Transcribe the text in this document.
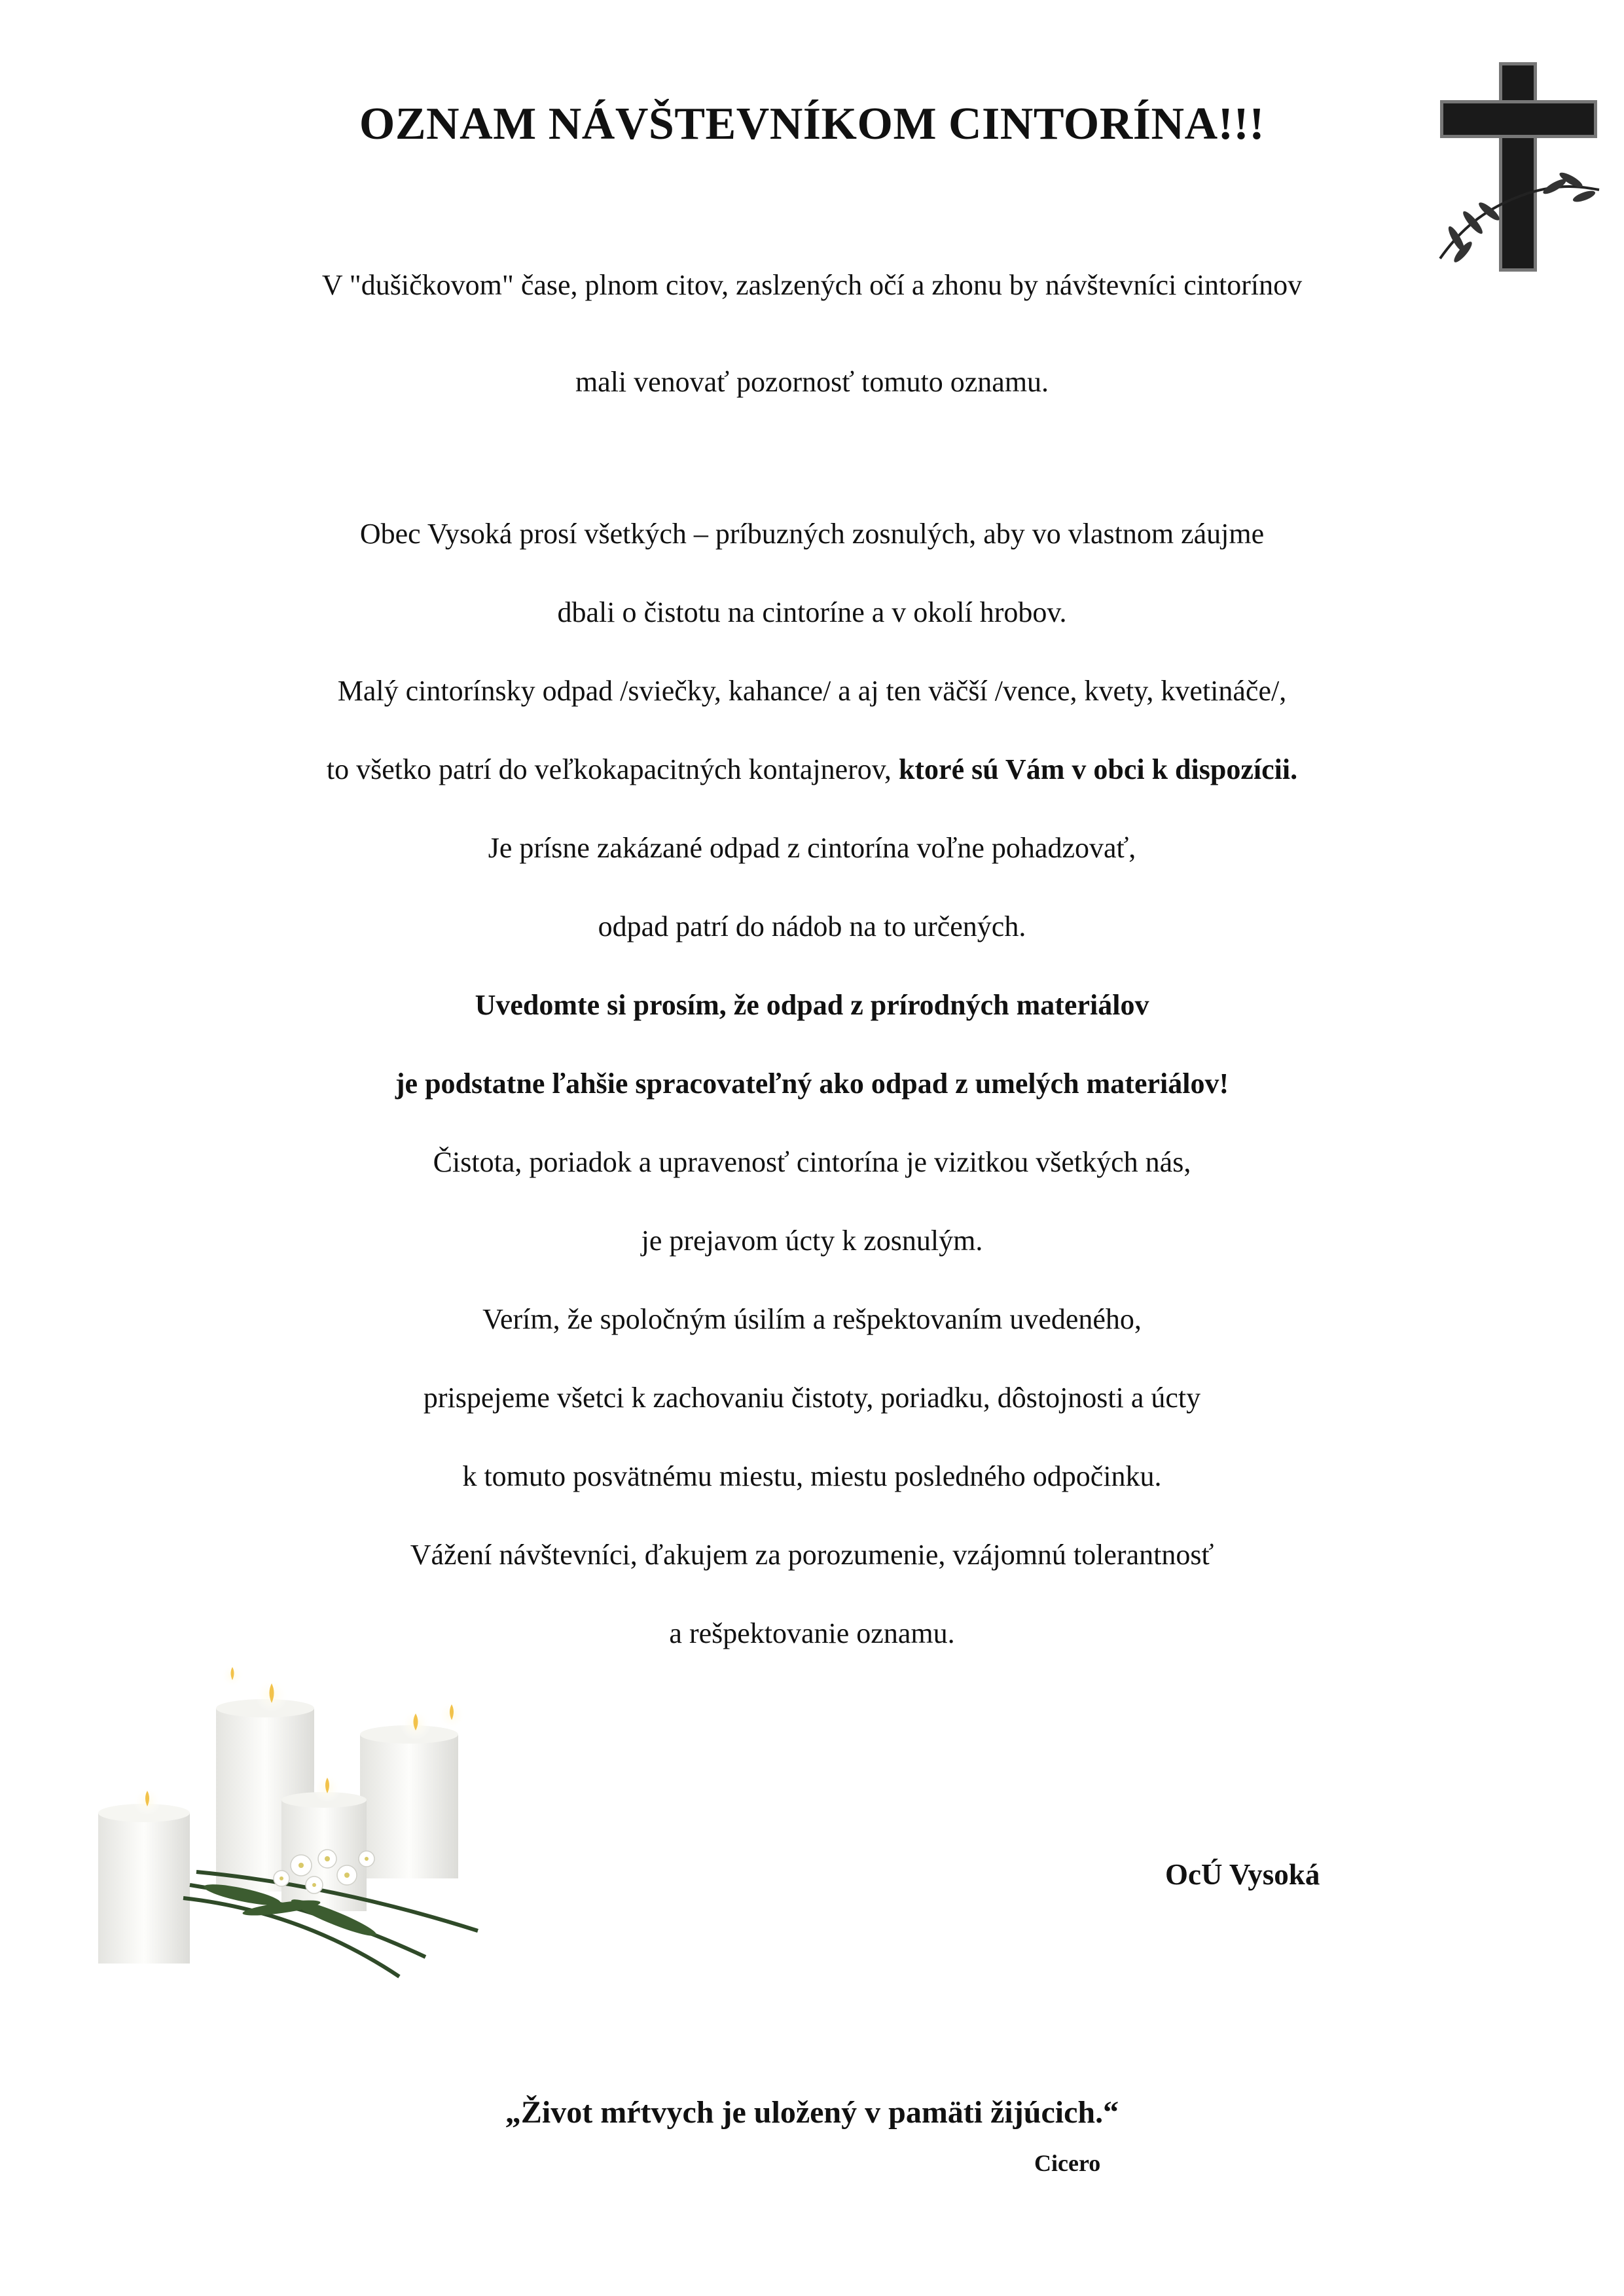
OZNAM NÁVŠTEVNÍKOM CINTORÍNA!!!
V "dušičkovom" čase, plnom citov, zaslzených očí a zhonu by návštevníci cintorínov
mali venovať pozornosť tomuto oznamu.
Obec Vysoká prosí všetkých – príbuzných zosnulých, aby vo vlastnom záujme
dbali o čistotu na cintoríne a v okolí hrobov.
Malý cintorínsky odpad /sviečky, kahance/ a aj ten väčší /vence, kvety, kvetináče/,
to všetko patrí do veľkokapacitných kontajnerov, ktoré sú Vám v obci k dispozícii.
Je prísne zakázané odpad z cintorína voľne pohadzovať,
odpad patrí do nádob na to určených.
Uvedomte si prosím, že odpad z prírodných materiálov
je podstatne ľahšie spracovateľný ako odpad z umelých materiálov!
Čistota, poriadok a upravenosť cintorína je vizitkou všetkých nás,
je prejavom úcty k zosnulým.
Verím, že spoločným úsilím a rešpektovaním uvedeného,
prispejeme všetci k zachovaniu čistoty, poriadku, dôstojnosti a úcty
k tomuto posvätnému miestu, miestu posledného odpočinku.
Vážení návštevníci, ďakujem za porozumenie, vzájomnú tolerantnosť
a rešpektovanie oznamu.
OcÚ Vysoká
„Život mŕtvych je uložený v pamäti žijúcich.“
Cicero
